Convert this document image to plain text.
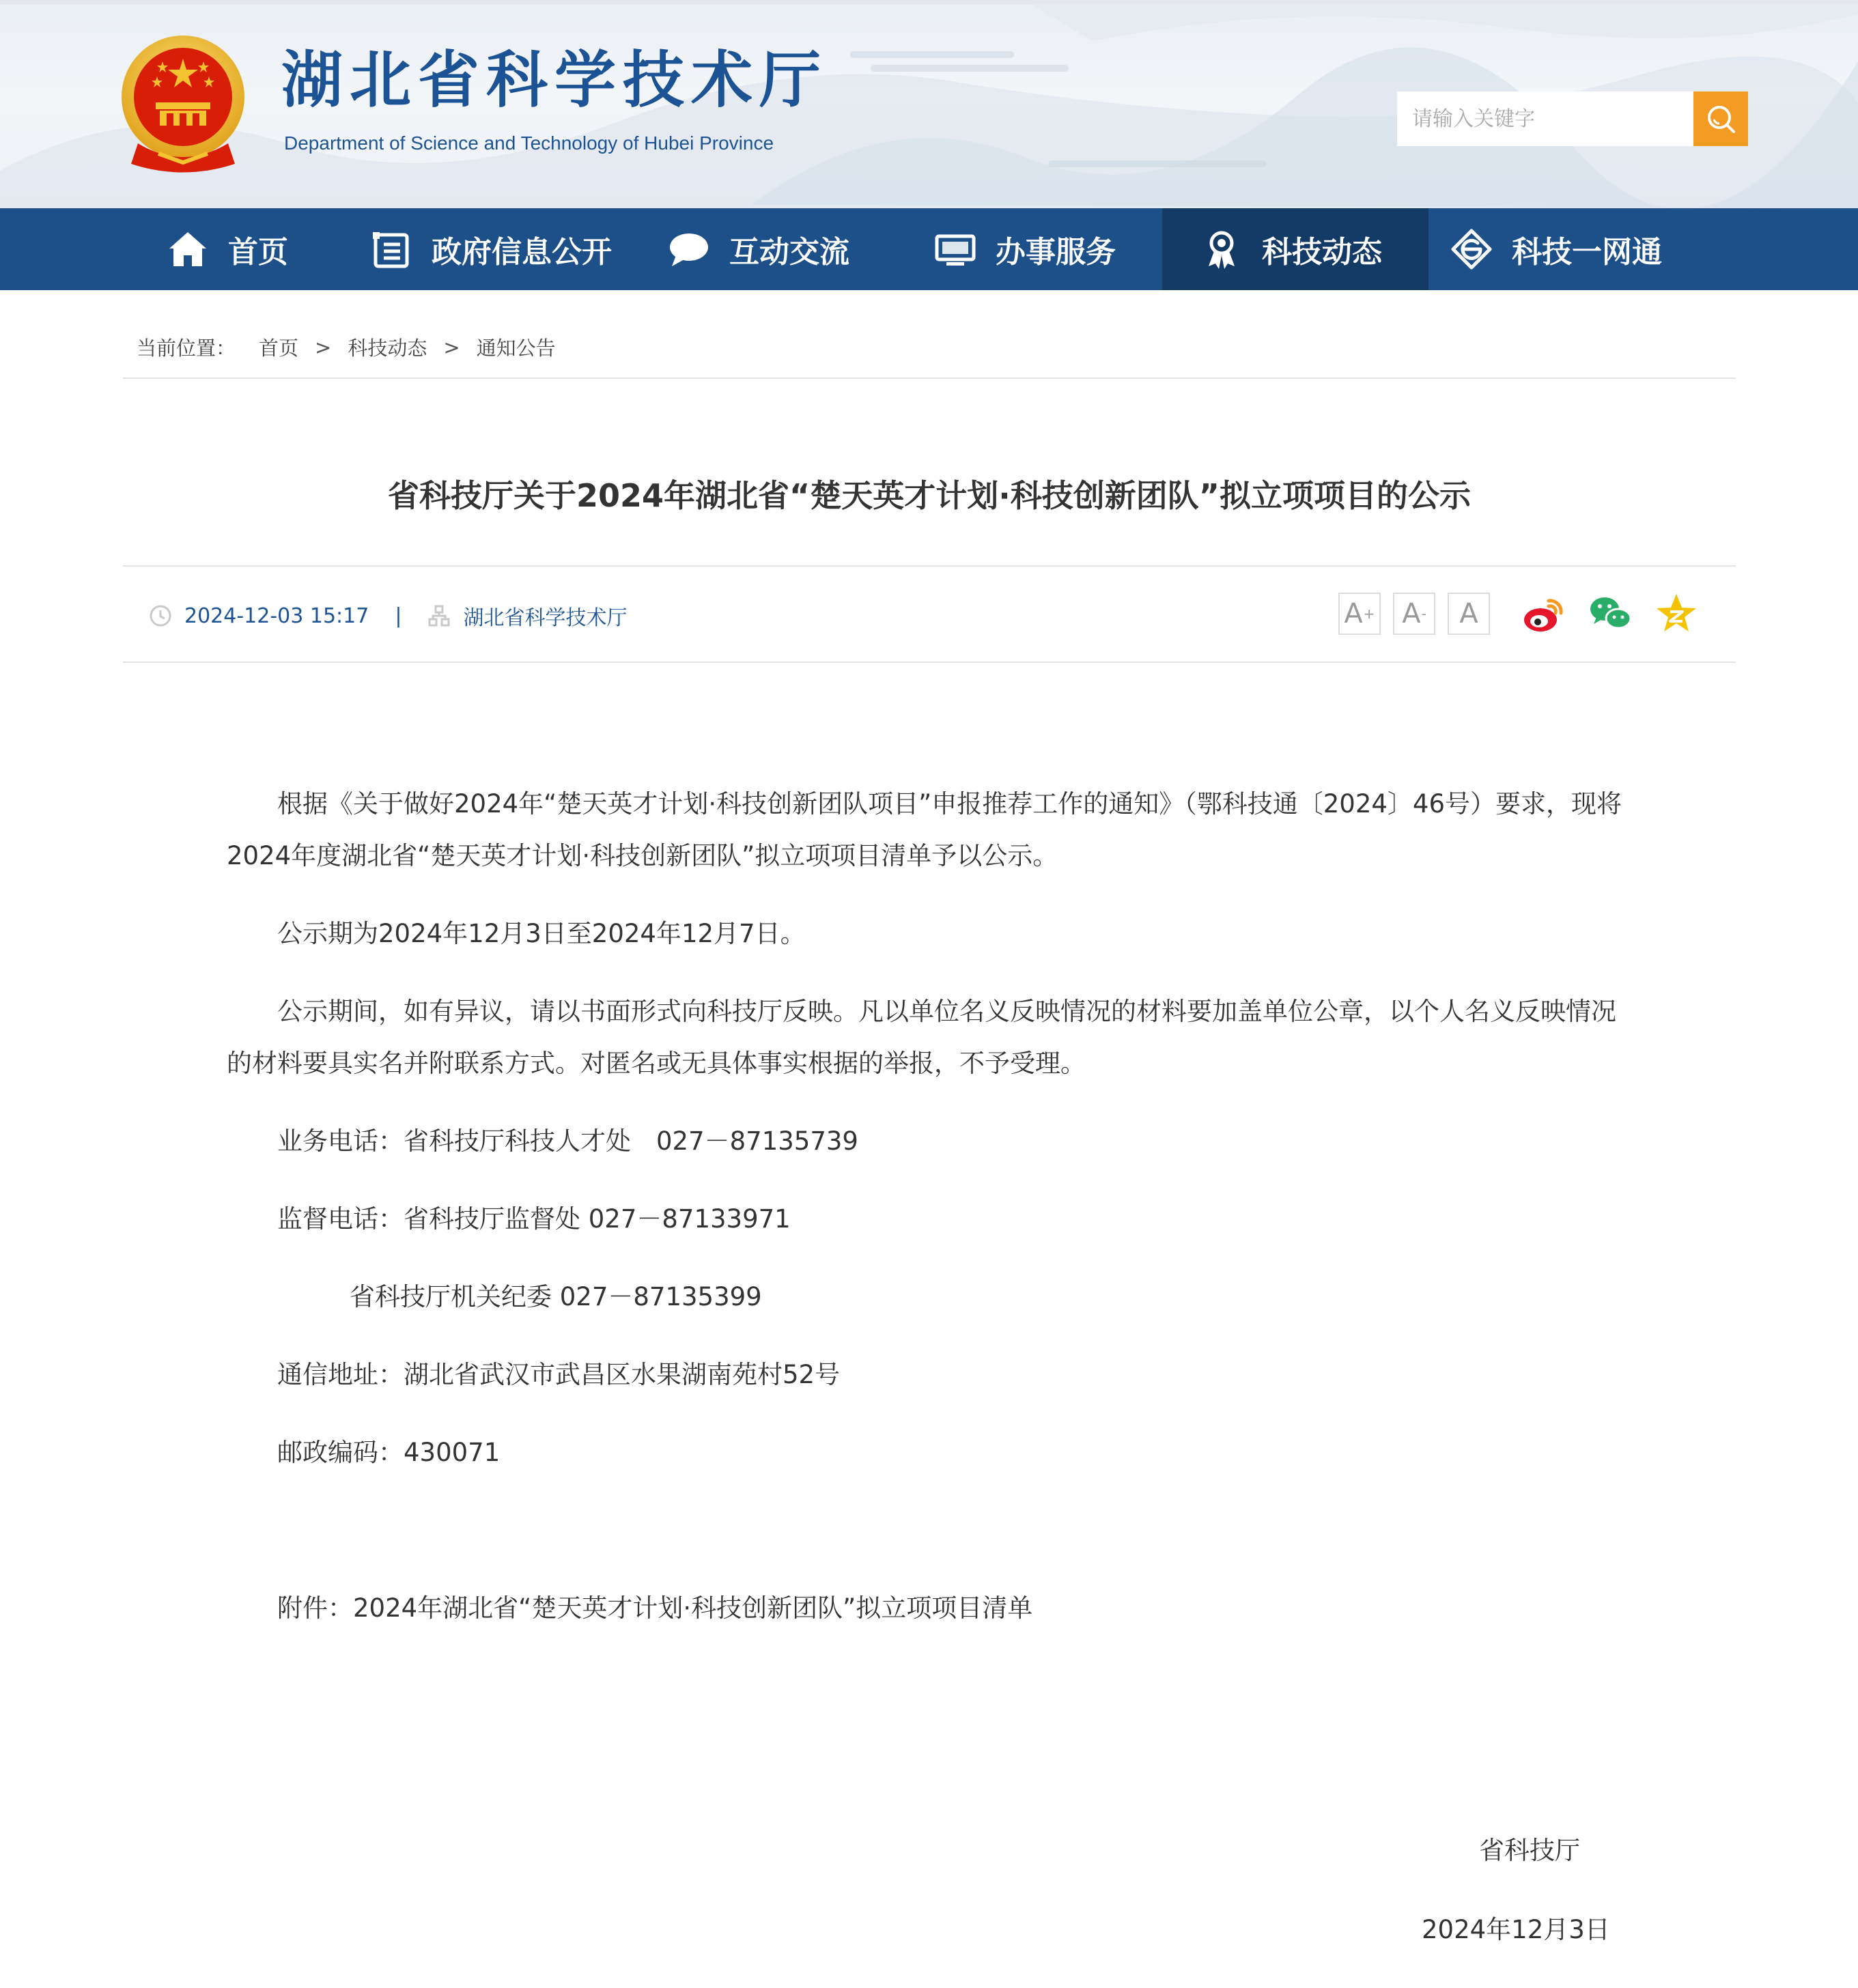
湖北省科学技术厅
Department of Science and Technology of Hubei Province
请输入关键字
首页	政府信息公开	互动交流	办事服务	科技动态	科技一网通
当前位置： 首页 > 科技动态 > 通知公告
省科技厅关于2024年湖北省“楚天英才计划·科技创新团队”拟立项项目的公示
2024-12-03 15:17 |	湖北省科学技术厅	A + A - A

根据《关于做好2024年“楚天英才计划·科技创新团队项目”申报推荐工作的通知》（鄂科技通〔2024〕46号）要求，现将2024年度湖北省“楚天英才计划·科技创新团队”拟立项项目清单予以公示。

公示期为2024年12月3日至2024年12月7日。

公示期间，如有异议，请以书面形式向科技厅反映。凡以单位名义反映情况的材料要加盖单位公章，以个人名义反映情况的材料要具实名并附联系方式。对匿名或无具体事实根据的举报，不予受理。

业务电话：省科技厅科技人才处　027－87135739

监督电话：省科技厅监督处 027－87133971

省科技厅机关纪委 027－87135399

通信地址：湖北省武汉市武昌区水果湖南苑村52号

邮政编码：430071

附件：2024年湖北省“楚天英才计划·科技创新团队”拟立项项目清单

省科技厅
2024年12月3日
